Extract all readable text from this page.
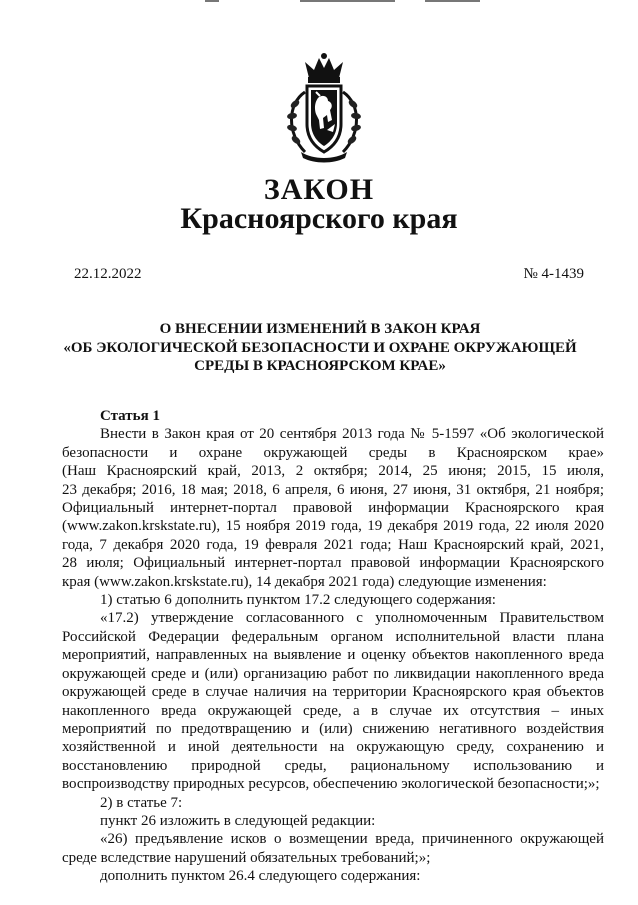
ЗАКОН
Красноярского края
22.12.2022	№ 4-1439
О ВНЕСЕНИИ ИЗМЕНЕНИЙ В ЗАКОН КРАЯ
«ОБ ЭКОЛОГИЧЕСКОЙ БЕЗОПАСНОСТИ И ОХРАНЕ ОКРУЖАЮЩЕЙ
СРЕДЫ В КРАСНОЯРСКОМ КРАЕ»
Статья 1
Внести в Закон края от 20 сентября 2013 года № 5-1597 «Об экологической
безопасности и охране окружающей среды в Красноярском крае»
(Наш Красноярский край, 2013, 2 октября; 2014, 25 июня; 2015, 15 июля,
23 декабря; 2016, 18 мая; 2018, 6 апреля, 6 июня, 27 июня, 31 октября, 21 ноября;
Официальный интернет-портал правовой информации Красноярского края
(www.zakon.krskstate.ru), 15 ноября 2019 года, 19 декабря 2019 года, 22 июля 2020
года, 7 декабря 2020 года, 19 февраля 2021 года; Наш Красноярский край, 2021,
28 июля; Официальный интернет-портал правовой информации Красноярского
края (www.zakon.krskstate.ru), 14 декабря 2021 года) следующие изменения:
1) статью 6 дополнить пунктом 17.2 следующего содержания:
«17.2) утверждение согласованного с уполномоченным Правительством
Российской Федерации федеральным органом исполнительной власти плана
мероприятий, направленных на выявление и оценку объектов накопленного вреда
окружающей среде и (или) организацию работ по ликвидации накопленного вреда
окружающей среде в случае наличия на территории Красноярского края объектов
накопленного вреда окружающей среде, а в случае их отсутствия – иных
мероприятий по предотвращению и (или) снижению негативного воздействия
хозяйственной и иной деятельности на окружающую среду, сохранению и
восстановлению природной среды, рациональному использованию и
воспроизводству природных ресурсов, обеспечению экологической безопасности;»;
2) в статье 7:
пункт 26 изложить в следующей редакции:
«26) предъявление исков о возмещении вреда, причиненного окружающей
среде вследствие нарушений обязательных требований;»;
дополнить пунктом 26.4 следующего содержания:
